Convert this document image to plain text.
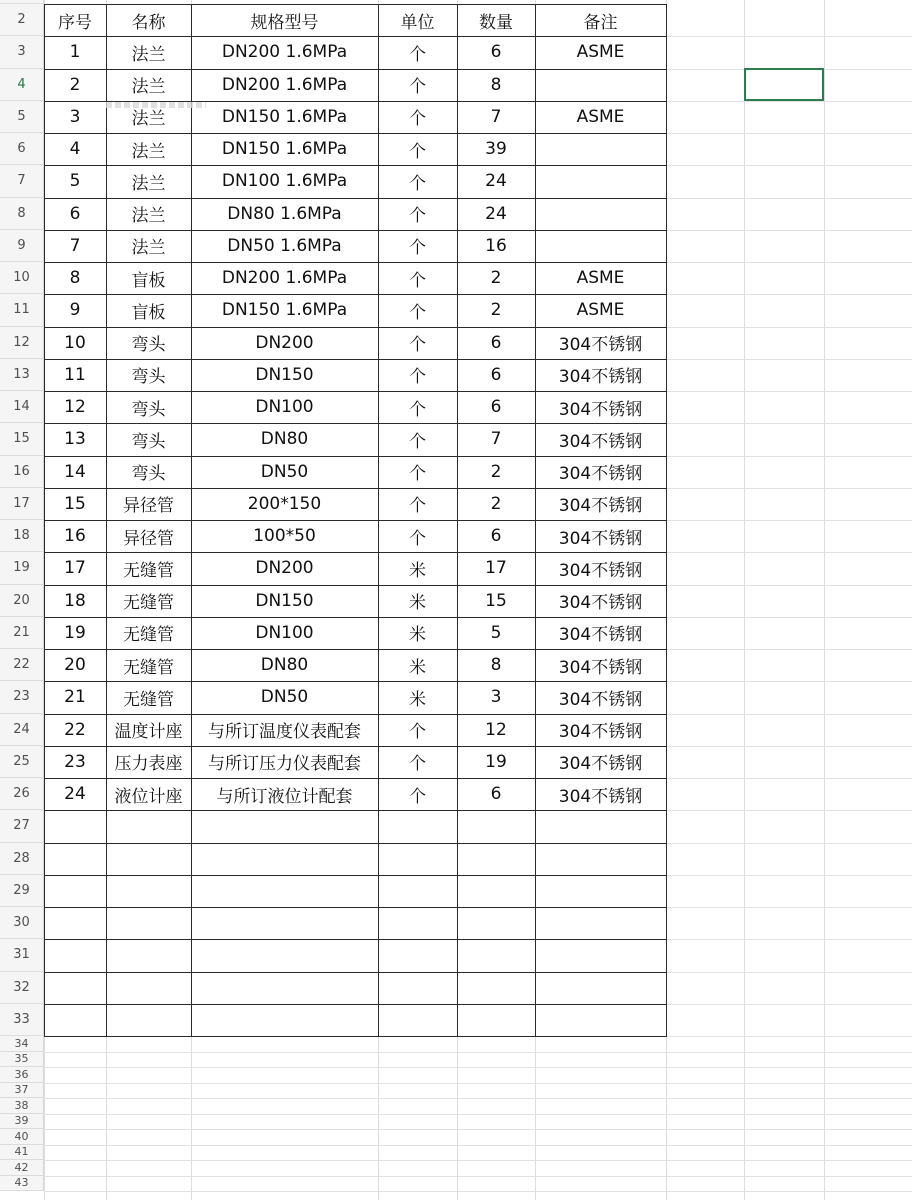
2	序号	名称	规格型号	单位	数量	备注
3	1	法兰	DN200 1.6MPa	个	6	ASME
4	2	法兰	DN200 1.6MPa	个	8
5	3	法兰	DN150 1.6MPa	个	7	ASME
6	4	法兰	DN150 1.6MPa	个	39
7	5	法兰	DN100 1.6MPa	个	24
8	6	法兰	DN80 1.6MPa	个	24
9	7	法兰	DN50 1.6MPa	个	16
10	8	盲板	DN200 1.6MPa	个	2	ASME
11	9	盲板	DN150 1.6MPa	个	2	ASME
12	10	弯头	DN200	个	6	304不锈钢
13	11	弯头	DN150	个	6	304不锈钢
14	12	弯头	DN100	个	6	304不锈钢
15	13	弯头	DN80	个	7	304不锈钢
16	14	弯头	DN50	个	2	304不锈钢
17	15	异径管	200*150	个	2	304不锈钢
18	16	异径管	100*50	个	6	304不锈钢
19	17	无缝管	DN200	米	17	304不锈钢
20	18	无缝管	DN150	米	15	304不锈钢
21	19	无缝管	DN100	米	5	304不锈钢
22	20	无缝管	DN80	米	8	304不锈钢
23	21	无缝管	DN50	米	3	304不锈钢
24	22	温度计座	与所订温度仪表配套	个	12	304不锈钢
25	23	压力表座	与所订压力仪表配套	个	19	304不锈钢
26	24	液位计座	与所订液位计配套	个	6	304不锈钢
27
28
29
30
31
32
33
34
35
36
37
38
39
40
41
42
43
